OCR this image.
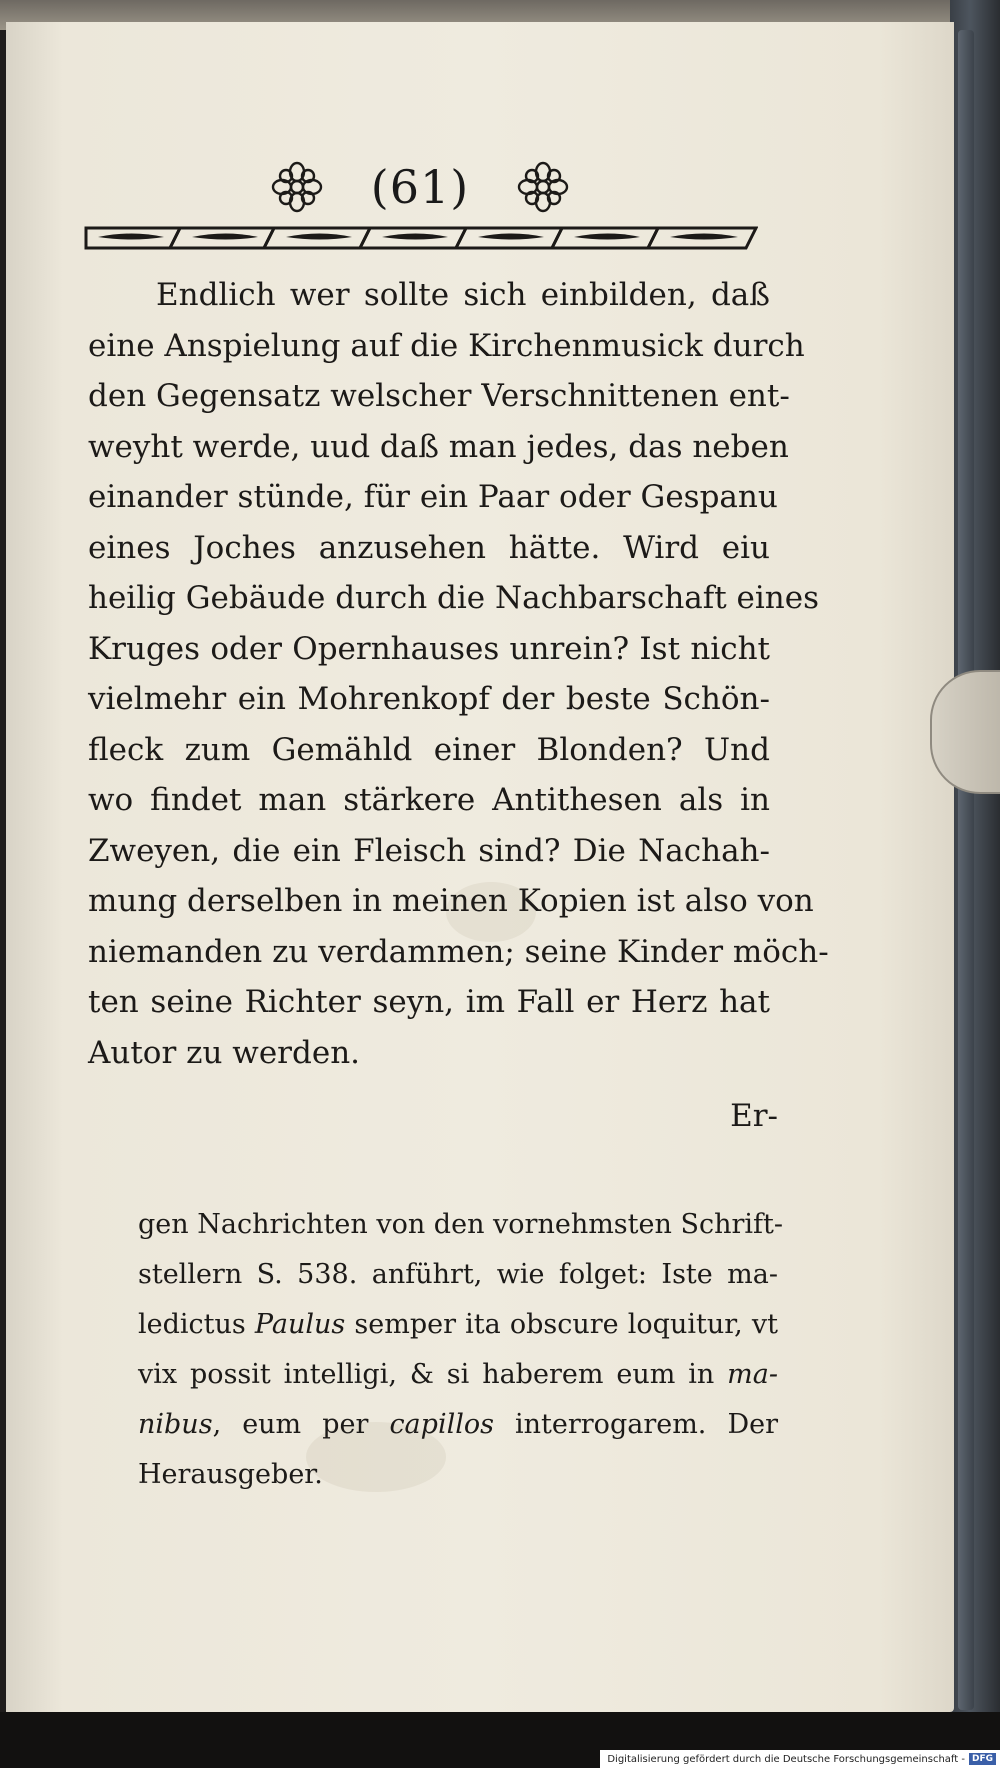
(61)
Endlich wer sollte sich einbilden, daß
eine Anspielung auf die Kirchenmusick durch
den Gegensatz welscher Verschnittenen ent-
weyht werde, uud daß man jedes, das neben
einander stünde, für ein Paar oder Gespanu
eines Joches anzusehen hätte. Wird eiu
heilig Gebäude durch die Nachbarschaft eines
Kruges oder Opernhauses unrein? Ist nicht
vielmehr ein Mohrenkopf der beste Schön-
fleck zum Gemähld einer Blonden? Und
wo findet man stärkere Antithesen als in
Zweyen, die ein Fleisch sind? Die Nachah-
mung derselben in meinen Kopien ist also von
niemanden zu verdammen; seine Kinder möch-
ten seine Richter seyn, im Fall er Herz hat
Autor zu werden.
Er-
gen Nachrichten von den vornehmsten Schrift-
stellern S. 538. anführt, wie folget: Iste ma-
ledictus Paulus semper ita obscure loquitur, vt
vix possit intelligi, & si haberem eum in ma-
nibus, eum per capillos interrogarem. Der
Herausgeber.
Digitalisierung gefördert durch die Deutsche Forschungsgemeinschaft - DFG
